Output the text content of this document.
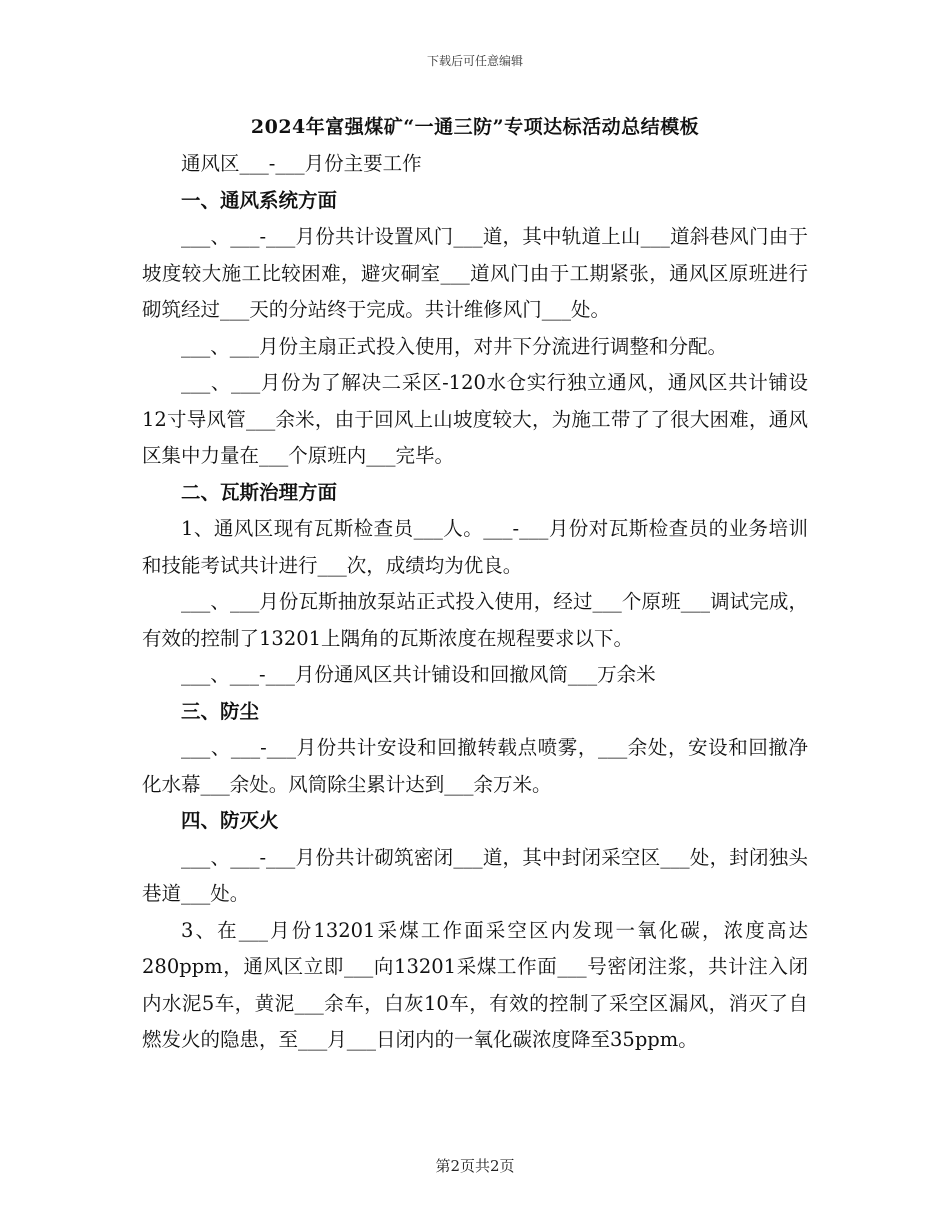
下载后可任意编辑
2024年富强煤矿“一通三防”专项达标活动总结模板

通风区___-___月份主要工作

一、通风系统方面

___、___-___月份共计设置风门___道，其中轨道上山___道斜巷风门由于坡度较大施工比较困难，避灾硐室___道风门由于工期紧张，通风区原班进行砌筑经过___天的分站终于完成。共计维修风门___处。

___、___月份主扇正式投入使用，对井下分流进行调整和分配。

___、___月份为了解决二采区-120水仓实行独立通风，通风区共计铺设12寸导风管___余米，由于回风上山坡度较大，为施工带了了很大困难，通风区集中力量在___个原班内___完毕。

二、瓦斯治理方面

1、通风区现有瓦斯检查员___人。___-___月份对瓦斯检查员的业务培训和技能考试共计进行___次，成绩均为优良。

___、___月份瓦斯抽放泵站正式投入使用，经过___个原班___调试完成，有效的控制了13201上隅角的瓦斯浓度在规程要求以下。

___、___-___月份通风区共计铺设和回撤风筒___万余米

三、防尘

___、___-___月份共计安设和回撤转载点喷雾，___余处，安设和回撤净化水幕___余处。风筒除尘累计达到___余万米。

四、防灭火

___、___-___月份共计砌筑密闭___道，其中封闭采空区___处，封闭独头巷道___处。

3、在___月份13201采煤工作面采空区内发现一氧化碳，浓度高达280ppm，通风区立即___向13201采煤工作面___号密闭注浆，共计注入闭内水泥5车，黄泥___余车，白灰10车，有效的控制了采空区漏风，消灭了自燃发火的隐患，至___月___日闭内的一氧化碳浓度降至35ppm。

第2页共2页
